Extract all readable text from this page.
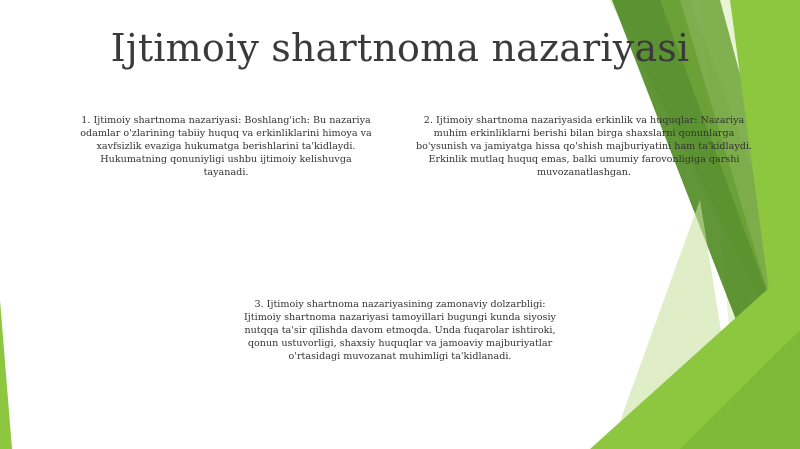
Ijtimoiy shartnoma nazariyasi
1. Ijtimoiy shartnoma nazariyasi: Boshlang'ich: Bu nazariya odamlar o'zlarining tabiiy huquq va erkinliklarini himoya va xavfsizlik evaziga hukumatga berishlarini ta'kidlaydi. Hukumatning qonuniyligi ushbu ijtimoiy kelishuvga tayanadi.
2. Ijtimoiy shartnoma nazariyasida erkinlik va huquqlar: Nazariya muhim erkinliklarni berishi bilan birga shaxslarni qonunlarga bo'ysunish va jamiyatga hissa qo'shish majburiyatini ham ta'kidlaydi. Erkinlik mutlaq huquq emas, balki umumiy farovonligiga qarshi muvozanatlashgan.
3. Ijtimoiy shartnoma nazariyasining zamonaviy dolzarbligi: Ijtimoiy shartnoma nazariyasi tamoyillari bugungi kunda siyosiy nutqqa ta'sir qilishda davom etmoqda. Unda fuqarolar ishtiroki, qonun ustuvorligi, shaxsiy huquqlar va jamoaviy majburiyatlar o'rtasidagi muvozanat muhimligi ta'kidlanadi.
